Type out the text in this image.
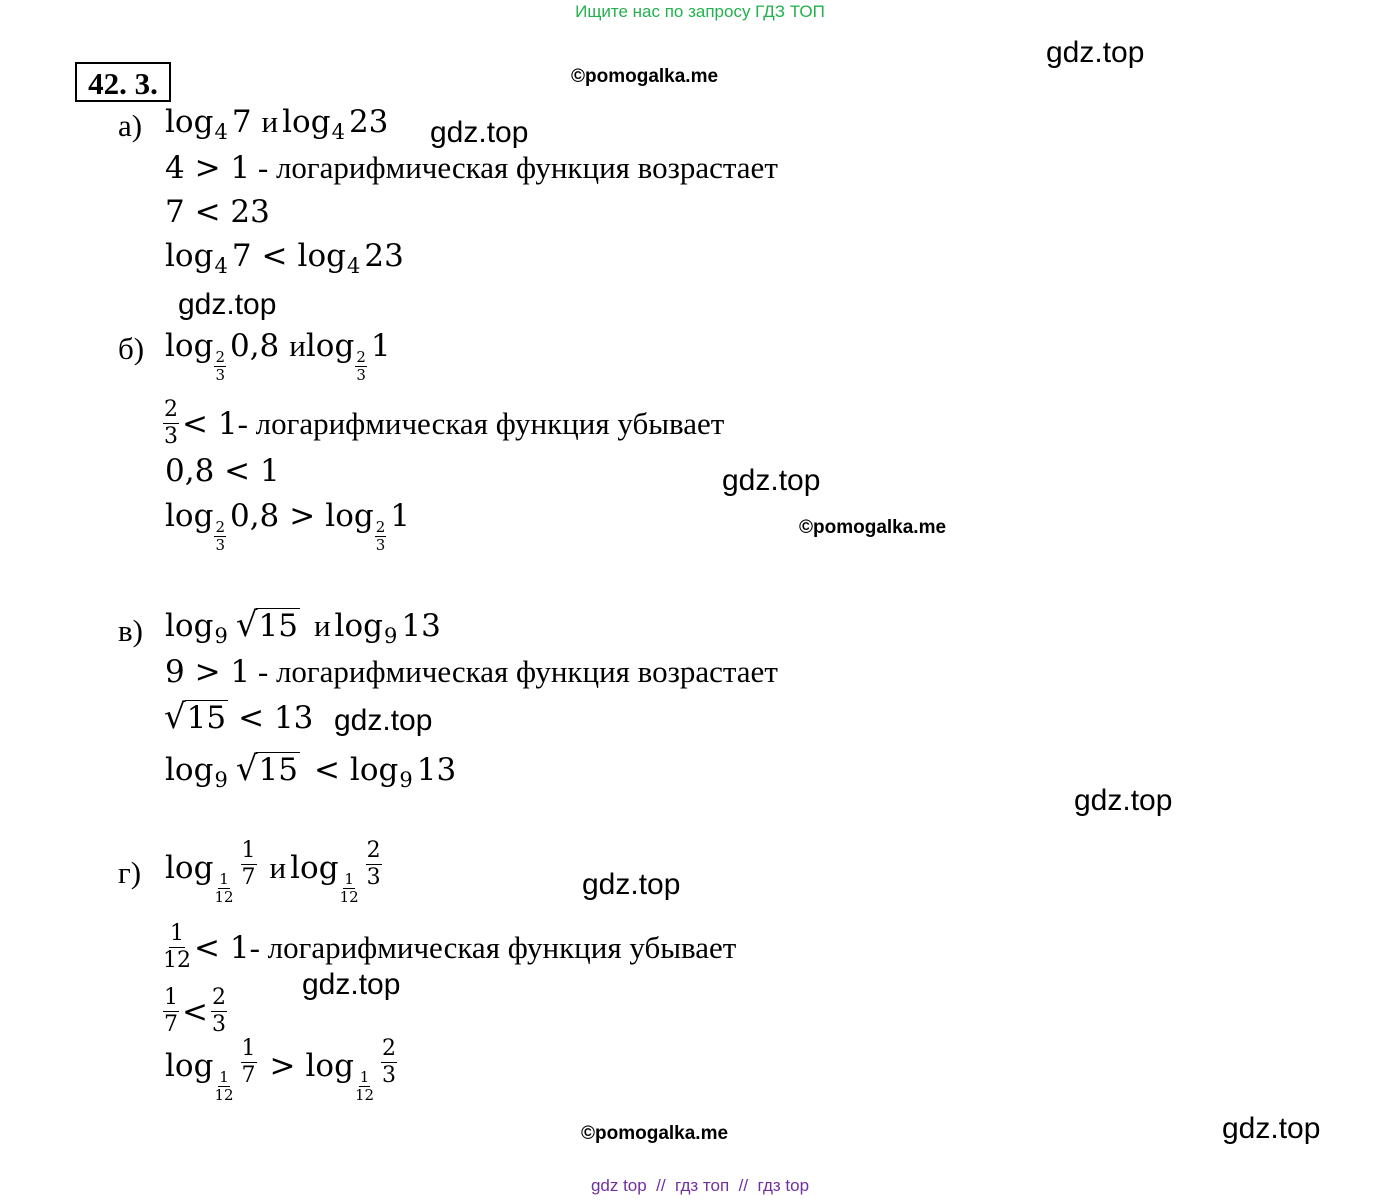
Ищите нас по запросу ГДЗ ТОП
42. 3.
gdz.top
gdz.top
gdz.top
gdz.top
gdz.top
gdz.top
gdz.top
gdz.top
gdz.top
©pomogalka.me
©pomogalka.me
©pomogalka.me
а) log 4 7 и log 4 23
4 > 1 - логарифмическая функция возрастает
7 < 23
log 4 7 < log 4 23
б) log
$\frac{2}{3}$
0,8 и log
$\frac{2}{3}$
1
$\frac{2}{3} < 1$ - логарифмическая функция убывает
0,8 < 1
log
$\frac{2}{3}$
0,8 > log
$\frac{2}{3}$
1
в) log 9 √ 15 и log 9 13
9 > 1 - логарифмическая функция возрастает
√ 15 < 13
log 9 √ 15 < log 9 13
г) log
$\frac{1}{12} \frac{1}{7}$ и log
$\frac{1}{12} \frac{2}{3}$
$\frac{1}{12} < 1$ - логарифмическая функция убывает
$\frac{1}{7} < \frac{2}{3}$
log
$\frac{1}{12} \frac{1}{7} > \log$
$\frac{1}{12} \frac{2}{3}$
gdz top  //  гдз топ  //  гдз top
